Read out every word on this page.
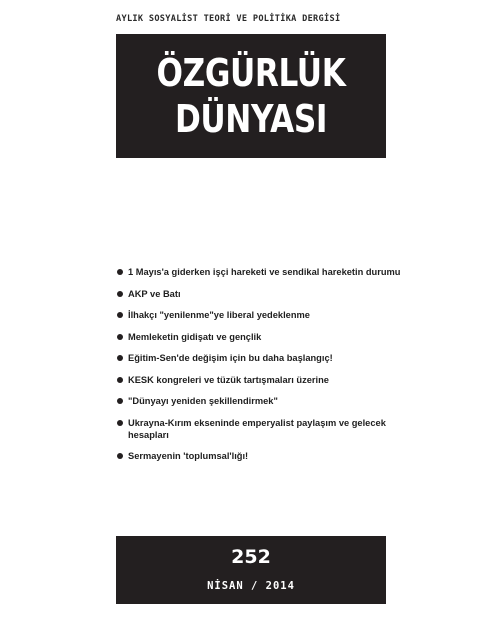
AYLIK SOSYALİST TEORİ VE POLİTİKA DERGİSİ
ÖZGÜRLÜK
DÜNYASI
1 Mayıs'a giderken işçi hareketi ve sendikal hareketin durumu
AKP ve Batı
İlhakçı "yenilenme"ye liberal yedeklenme
Memleketin gidişatı ve gençlik
Eğitim-Sen'de değişim için bu daha başlangıç!
KESK kongreleri ve tüzük tartışmaları üzerine
"Dünyayı yeniden şekillendirmek"
Ukrayna-Kırım ekseninde emperyalist paylaşım ve gelecek hesapları
Sermayenin 'toplumsal'lığı!
252
NİSAN / 2014
